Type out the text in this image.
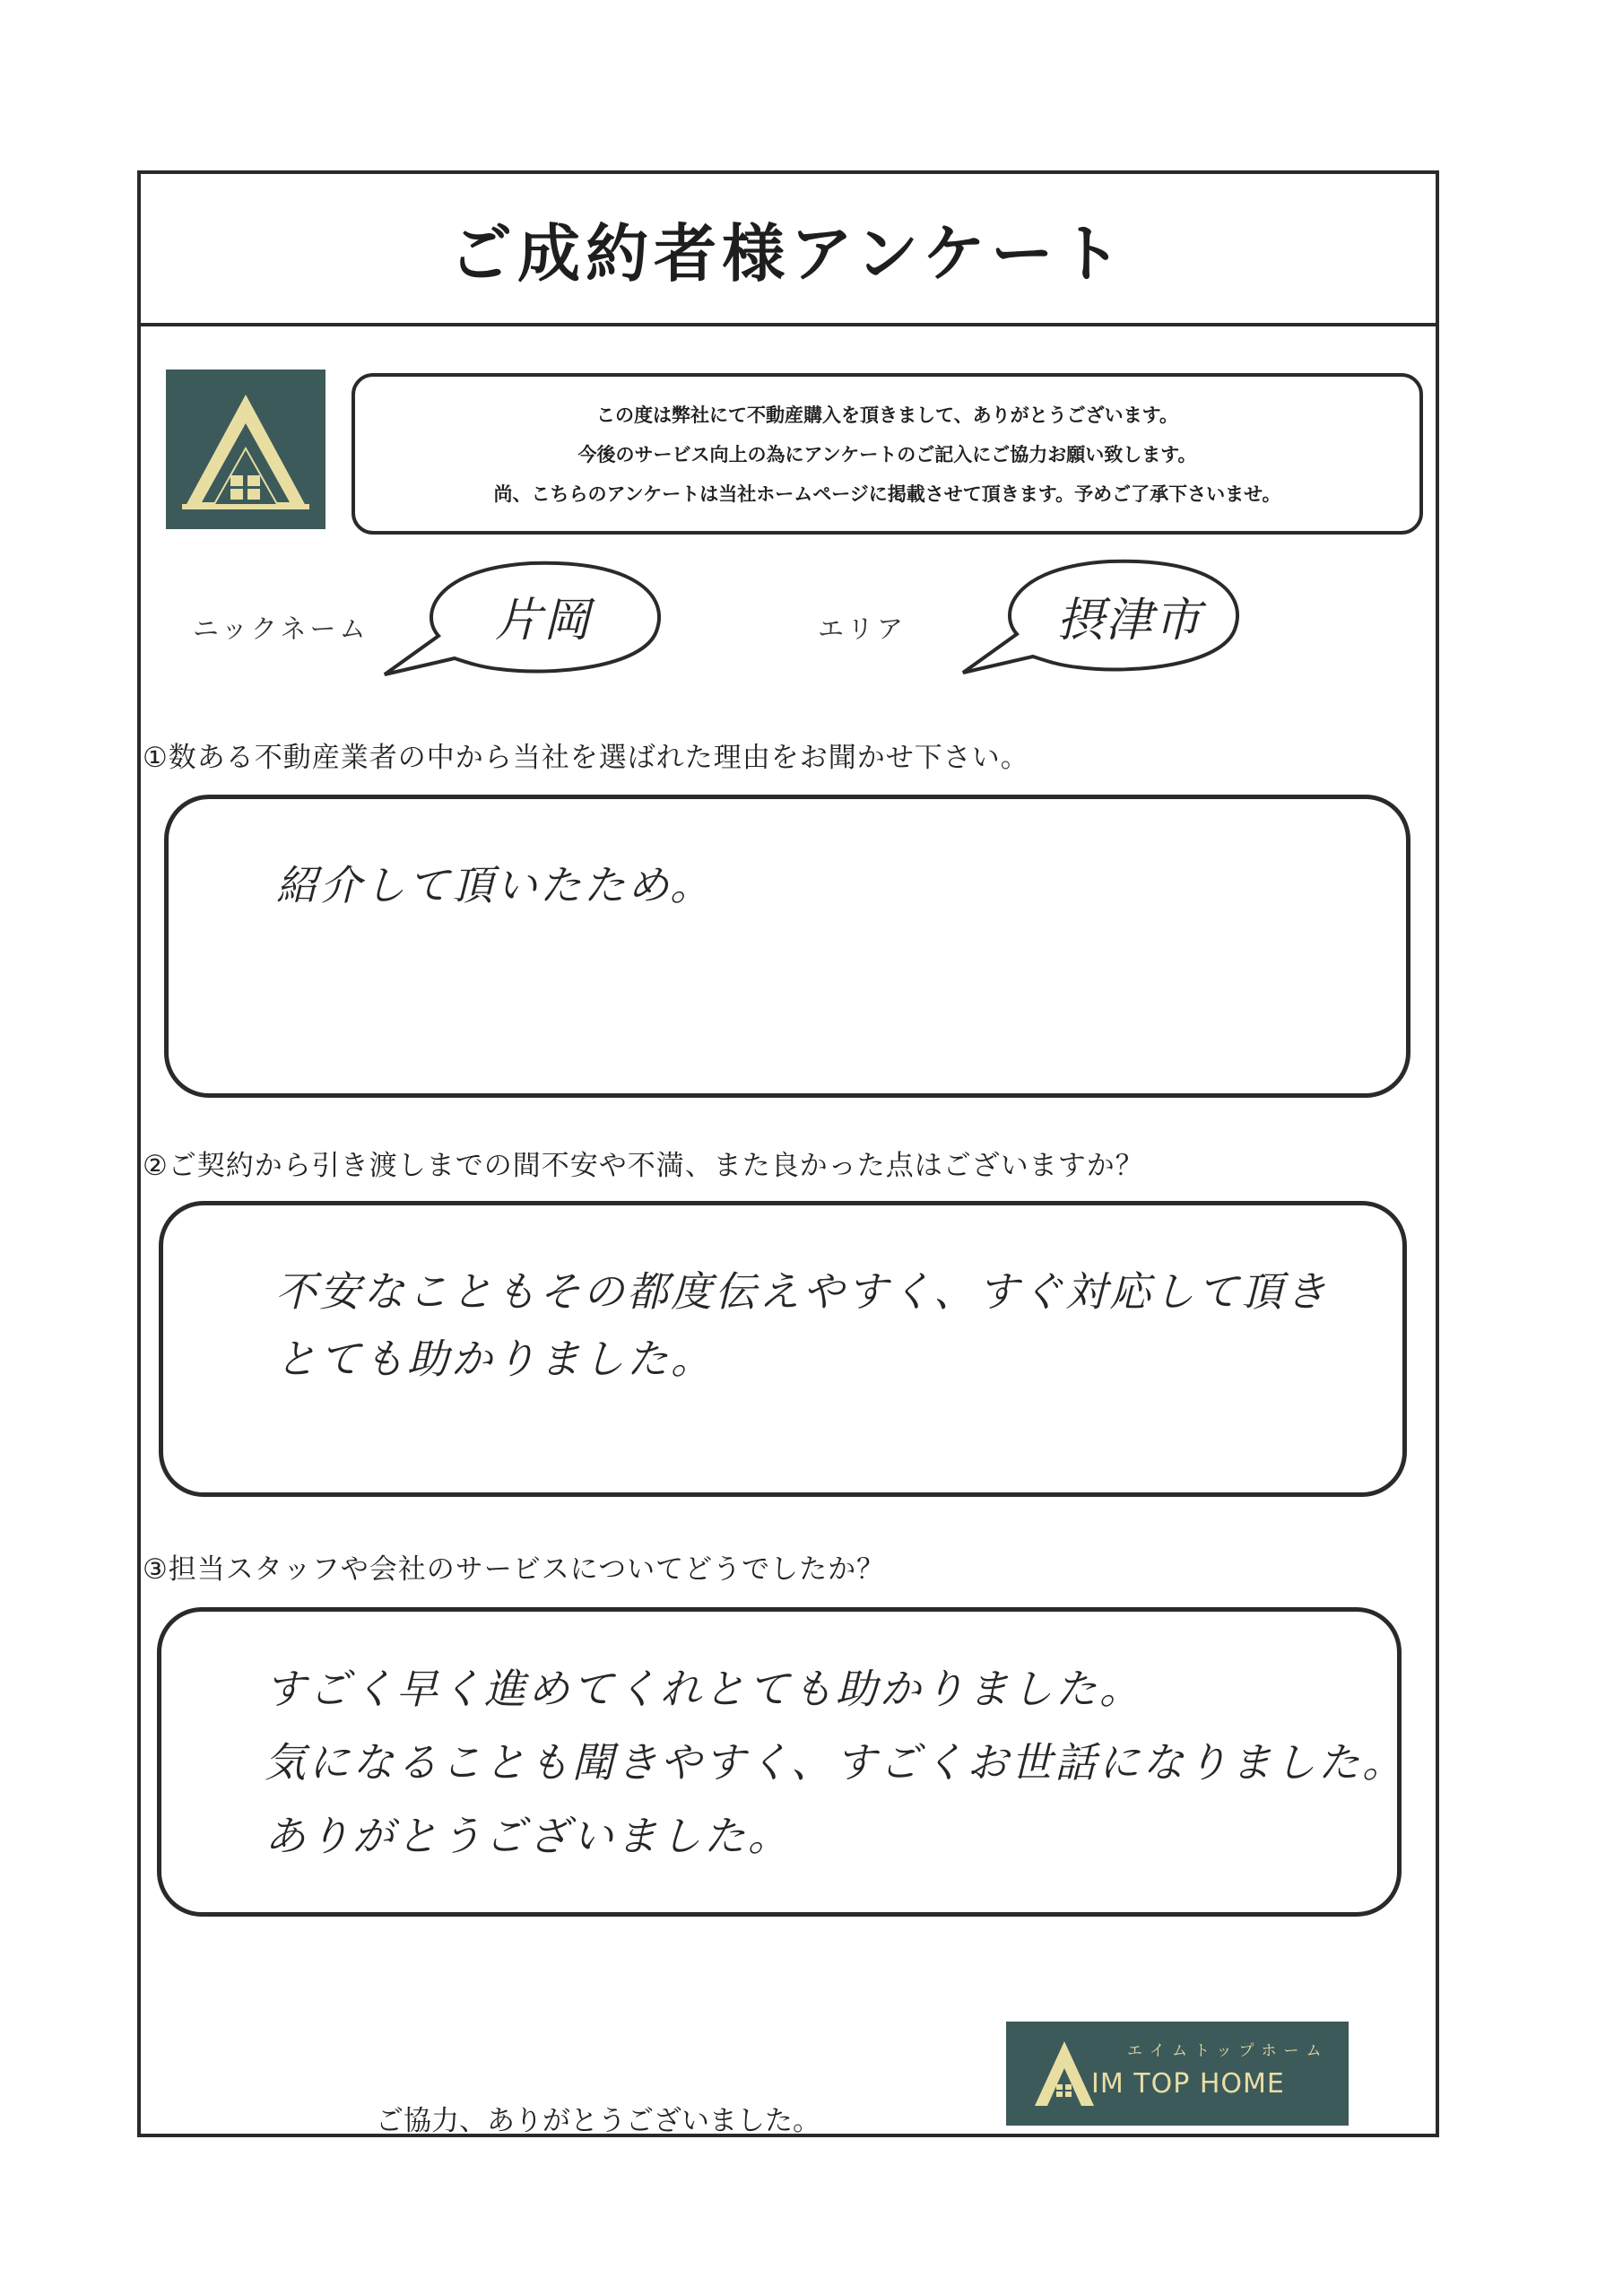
ご成約者様アンケート
この度は弊社にて不動産購入を頂きまして、ありがとうございます。
今後のサービス向上の為にアンケートのご記入にご協力お願い致します。
尚、こちらのアンケートは当社ホームページに掲載させて頂きます。予めご了承下さいませ。
ニックネーム	片岡	エリア	摂津市
①数ある不動産業者の中から当社を選ばれた理由をお聞かせ下さい。
紹介して頂いたため。
②ご契約から引き渡しまでの間不安や不満、また良かった点はございますか？
不安なこともその都度伝えやすく、すぐ対応して頂き
とても助かりました。
③担当スタッフや会社のサービスについてどうでしたか？
すごく早く進めてくれとても助かりました。
気になることも聞きやすく、すごくお世話になりました。
ありがとうございました。
ご協力、ありがとうございました。
エイムトップホーム
IM TOP HOME
